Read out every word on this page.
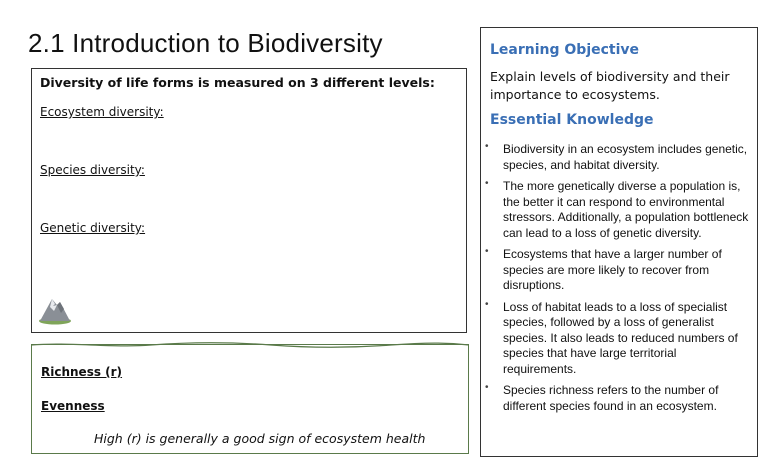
2.1 Introduction to Biodiversity
Diversity of life forms is measured on 3 different levels:
Ecosystem diversity:
Species diversity:
Genetic diversity:
Richness (r)
Evenness
High (r) is generally a good sign of ecosystem health
Learning Objective
Explain levels of biodiversity and their importance to ecosystems.
Essential Knowledge
• Biodiversity in an ecosystem includes genetic, species, and habitat diversity.
• The more genetically diverse a population is, the better it can respond to environmental stressors. Additionally, a population bottleneck can lead to a loss of genetic diversity.
• Ecosystems that have a larger number of species are more likely to recover from disruptions.
• Loss of habitat leads to a loss of specialist species, followed by a loss of generalist species. It also leads to reduced numbers of species that have large territorial requirements.
• Species richness refers to the number of different species found in an ecosystem.
